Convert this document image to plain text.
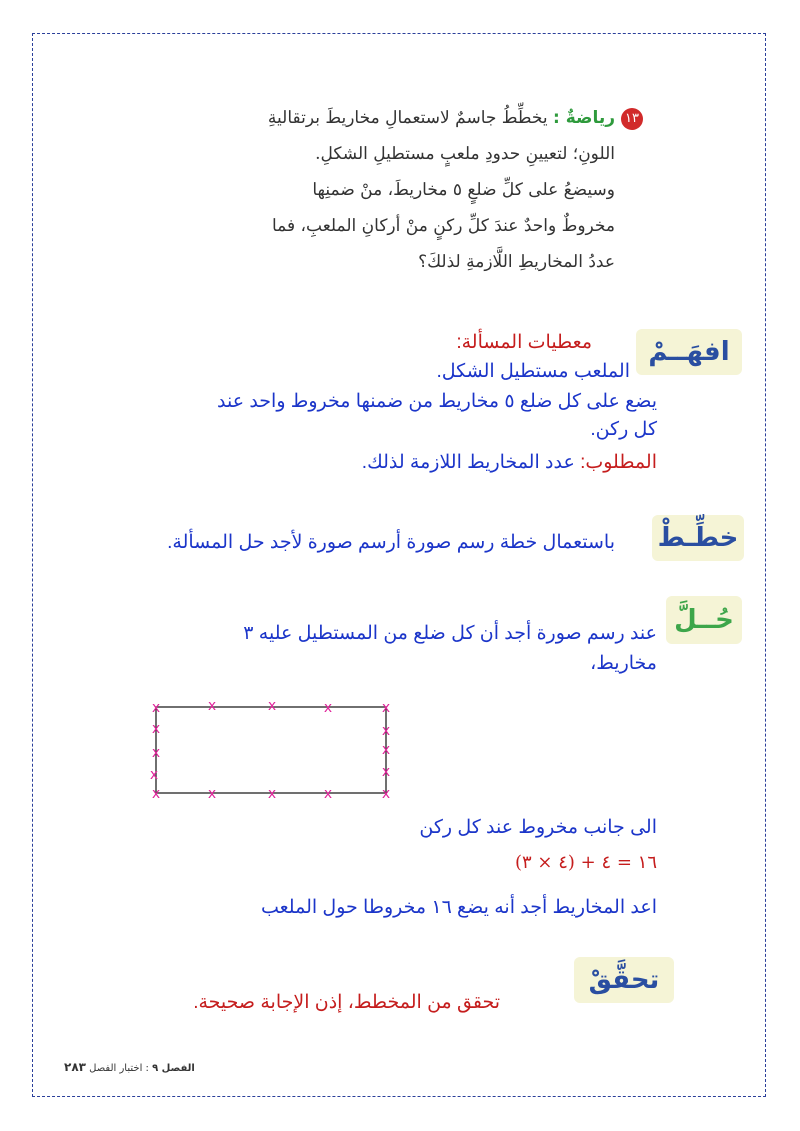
١٣رياضةٌ : يخطِّطُ جاسمٌ لاستعمالِ مخاريطَ برتقاليةِ
اللونِ؛ لتعيينِ حدودِ ملعبٍ مستطيلِ الشكلِ.
وسيضعُ على كلِّ ضلعٍ ٥ مخاريطَ، منْ ضمنِها
مخروطٌ واحدٌ عندَ كلِّ ركنٍ منْ أركانِ الملعبِ، فما
عددُ المخاريطِ اللَّازمةِ لذلكَ؟
افهَــمْ
معطيات المسألة:
الملعب مستطيل الشكل.
يضع على كل ضلع ٥ مخاريط من ضمنها مخروط واحد عند
كل ركن.
المطلوب: عدد المخاريط اللازمة لذلك.
خطِّـطْ
باستعمال خطة رسم صورة أرسم صورة لأجد حل المسألة.
حُــلَّ
عند رسم صورة أجد أن كل ضلع من المستطيل عليه ٣
مخاريط،
x	x	x	x	x
x	x	x	x	x
x
x
x
x
x
x
الى جانب مخروط عند كل ركن
١٦ = ٤ + (٤ × ٣)
اعد المخاريط أجد أنه يضع ١٦ مخروطا حول الملعب
تحقَّقْ
تحقق من المخطط، إذن الإجابة صحيحة.
الفصل ٩ : اختبار الفصل ٢٨٣
